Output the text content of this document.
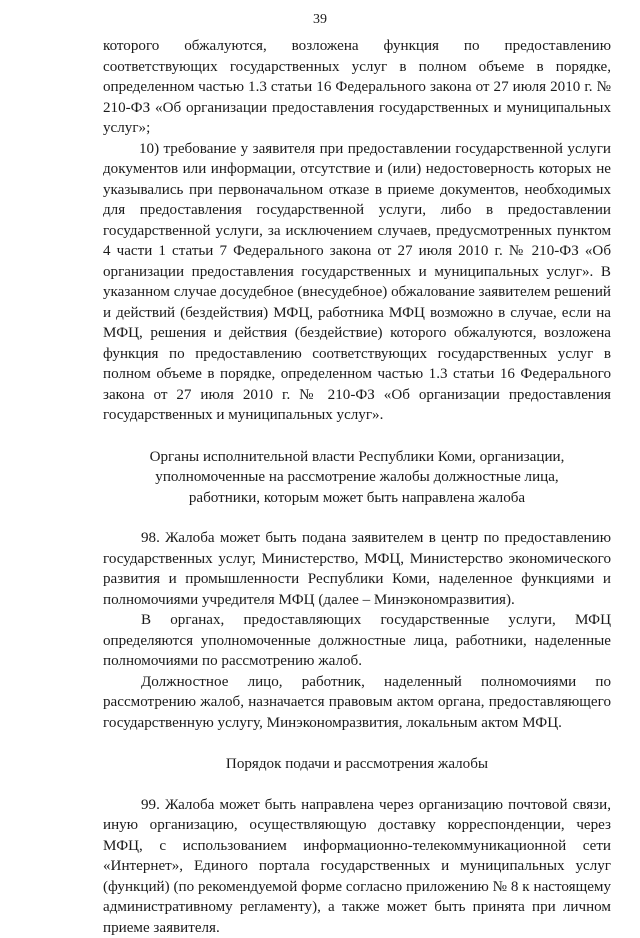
39

которого обжалуются, возложена функция по предоставлению соответствующих государственных услуг в полном объеме в порядке, определенном частью 1.3 статьи 16 Федерального закона от 27 июля 2010 г. № 210-ФЗ «Об организации предоставления государственных и муниципальных услуг»;

10) требование у заявителя при предоставлении государственной услуги документов или информации, отсутствие и (или) недостоверность которых не указывались при первоначальном отказе в приеме документов, необходимых для предоставления государственной услуги, либо в предоставлении государственной услуги, за исключением случаев, предусмотренных пунктом 4 части 1 статьи 7 Федерального закона от 27 июля 2010 г. № 210-ФЗ «Об организации предоставления государственных и муниципальных услуг». В указанном случае досудебное (внесудебное) обжалование заявителем решений и действий (бездействия) МФЦ, работника МФЦ возможно в случае, если на МФЦ, решения и действия (бездействие) которого обжалуются, возложена функция по предоставлению соответствующих государственных услуг в полном объеме в порядке, определенном частью 1.3 статьи 16 Федерального закона от 27 июля 2010 г. № 210-ФЗ «Об организации предоставления государственных и муниципальных услуг».

Органы исполнительной власти Республики Коми, организации, уполномоченные на рассмотрение жалобы должностные лица, работники, которым может быть направлена жалоба

98. Жалоба может быть подана заявителем в центр по предоставлению государственных услуг, Министерство, МФЦ, Министерство экономического развития и промышленности Республики Коми, наделенное функциями и полномочиями учредителя МФЦ (далее – Минэкономразвития).

В органах, предоставляющих государственные услуги, МФЦ определяются уполномоченные должностные лица, работники, наделенные полномочиями по рассмотрению жалоб.

Должностное лицо, работник, наделенный полномочиями по рассмотрению жалоб, назначается правовым актом органа, предоставляющего государственную услугу, Минэкономразвития, локальным актом МФЦ.

Порядок подачи и рассмотрения жалобы

99. Жалоба может быть направлена через организацию почтовой связи, иную организацию, осуществляющую доставку корреспонденции, через МФЦ, с использованием информационно-телекоммуникационной сети «Интернет», Единого портала государственных и муниципальных услуг (функций) (по рекомендуемой форме согласно приложению № 8 к настоящему административному регламенту), а также может быть принята при личном приеме заявителя.
